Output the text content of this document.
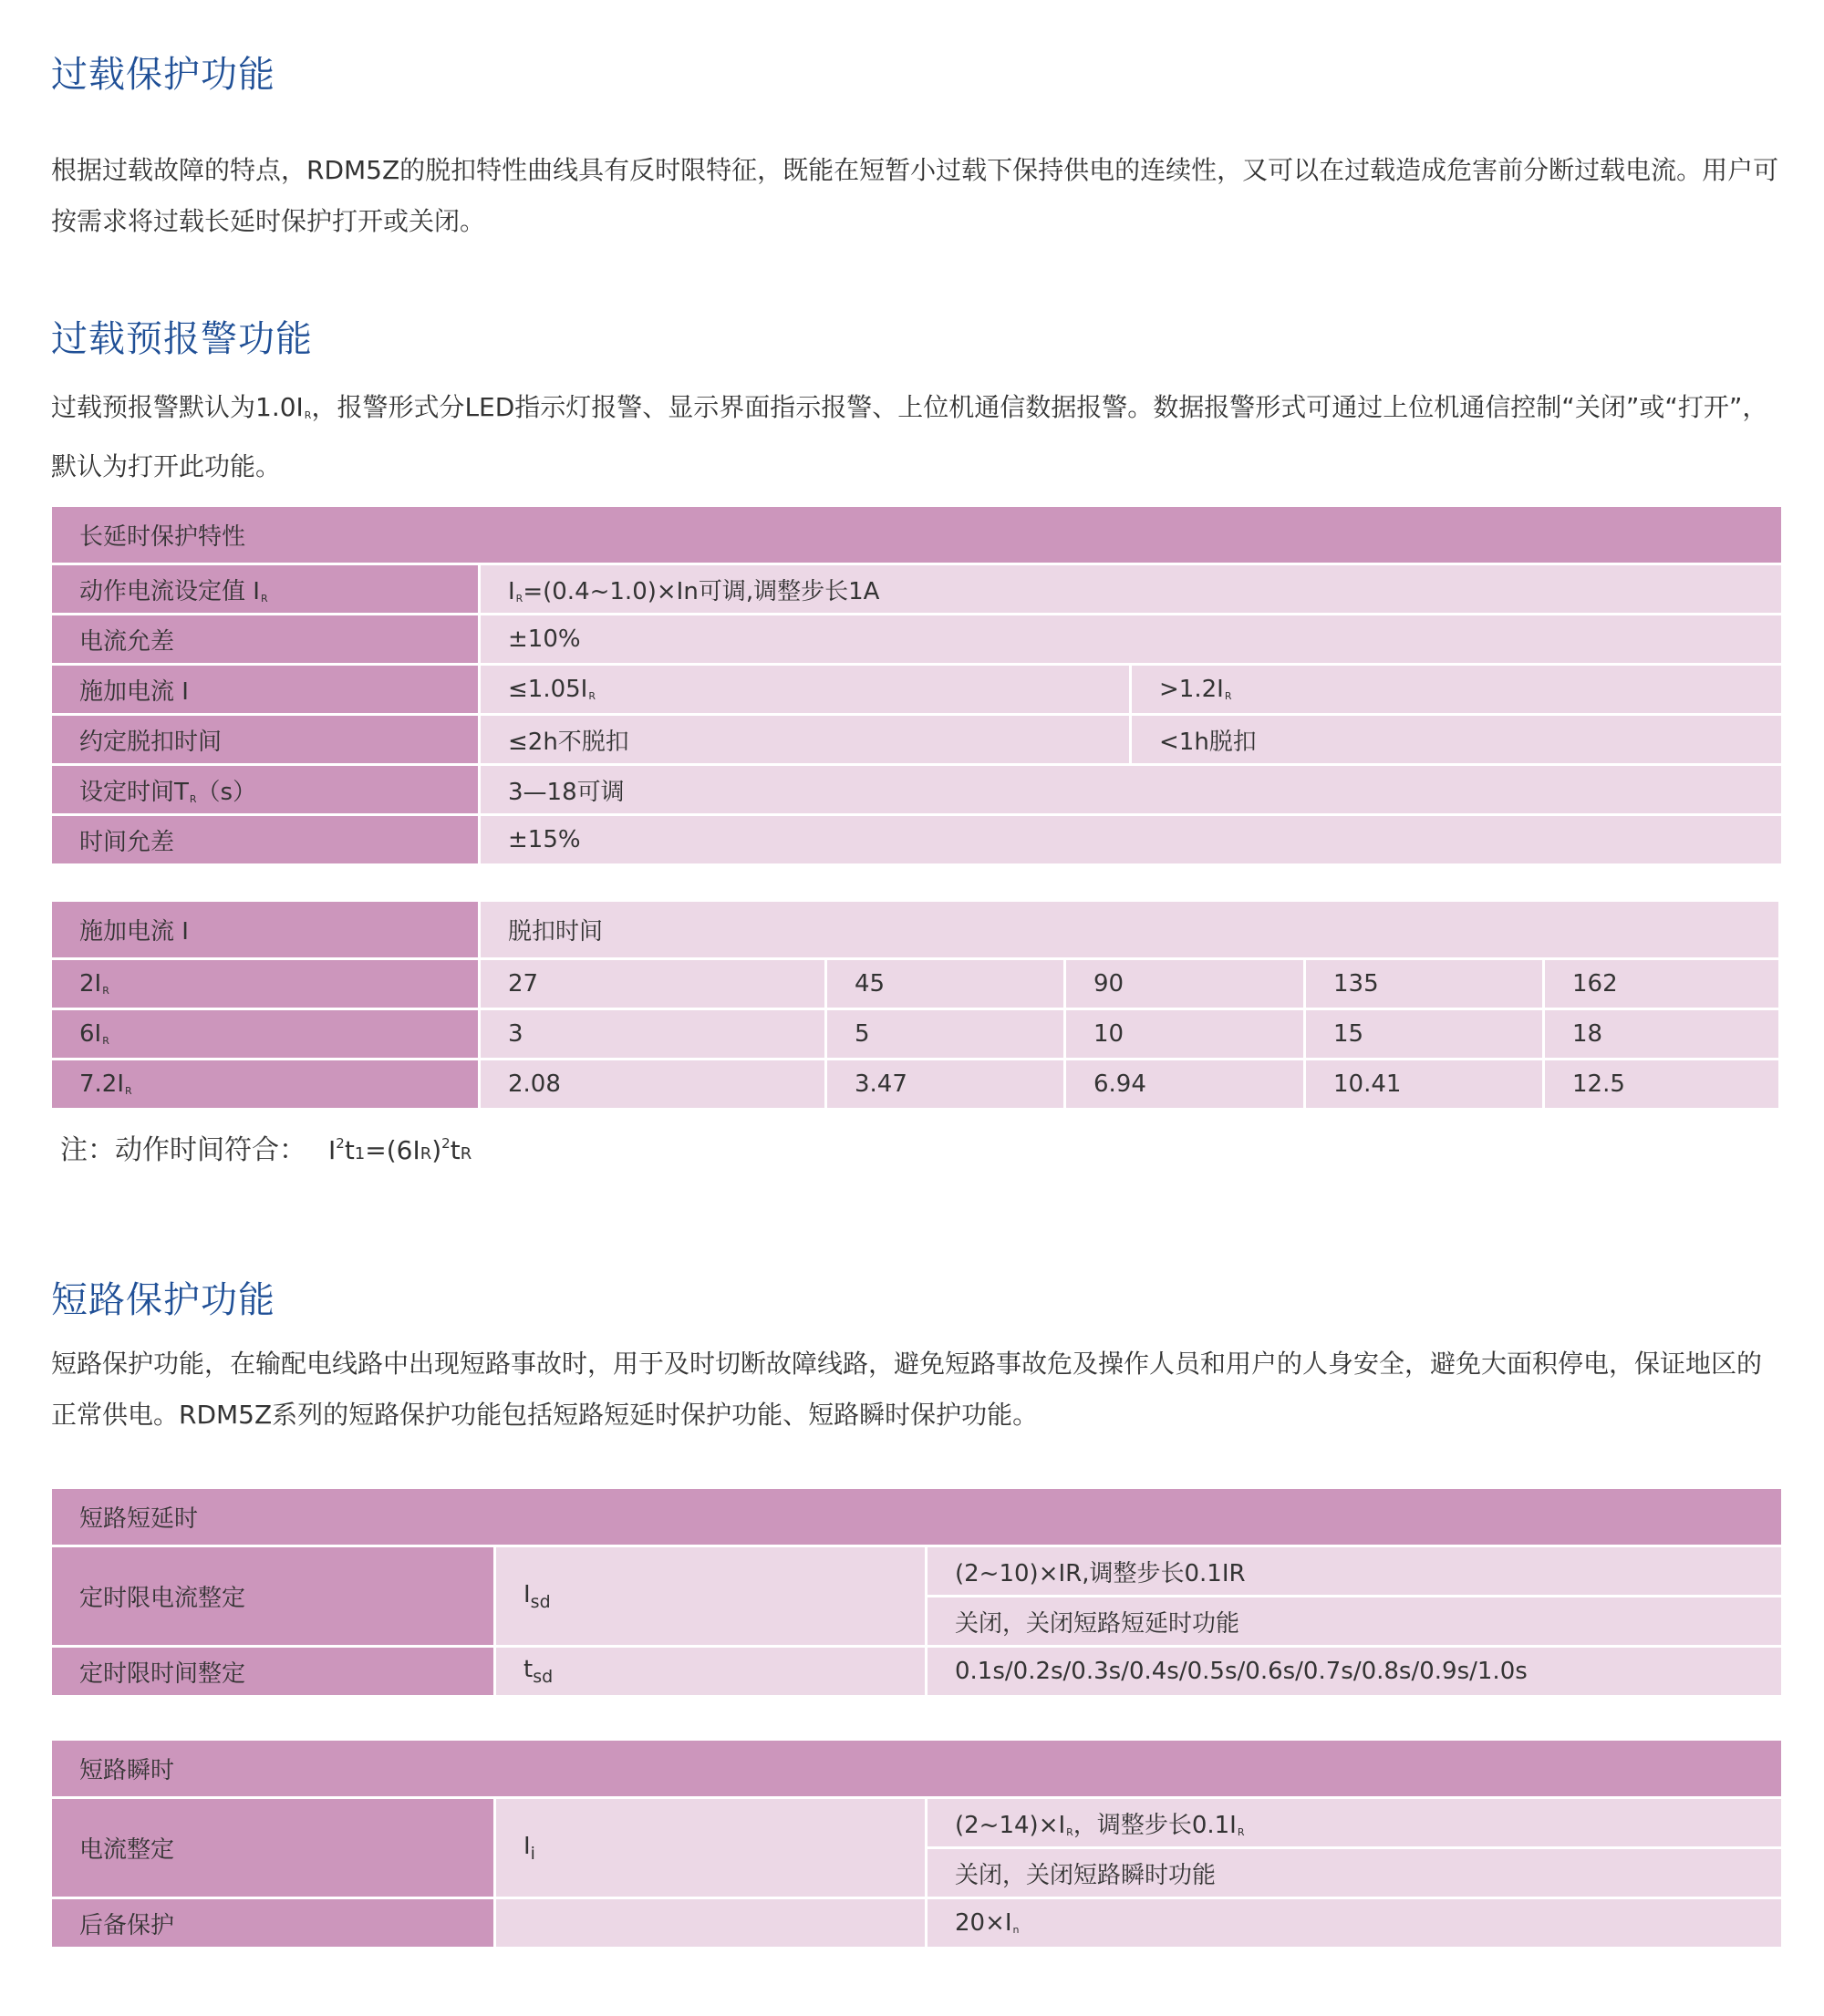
过载保护功能

根据过载故障的特点，RDM5Z的脱扣特性曲线具有反时限特征，既能在短暂小过载下保持供电的连续性，又可以在过载造成危害前分断过载电流。用户可按需求将过载长延时保护打开或关闭。

过载预报警功能

过载预报警默认为$1.0I_R$，报警形式分LED指示灯报警、显示界面指示报警、上位机通信数据报警。数据报警形式可通过上位机通信控制“关闭”或“打开”，默认为打开此功能。

长延时保护特性		
动作电流设定值 $I_R$	$I_R=(0.4\sim 1.0)\times In$可调,调整步长1A	
电流允差	±10%	
施加电流 I	$\le 1.05I_R$	$>1.2I_R$
约定脱扣时间	≤2h不脱扣	<1h脱扣
设定时间$T_R(s)$	3—18可调	
时间允差	±15%	
施加电流 I	脱扣时间				
$2I_R$	27	45	90	135	162
$6I_R$	3	5	10	15	18
$7.2I_R$	2.08	3.47	6.94	10.41	12.5

注：动作时间符合： $I^2t1=(6IR)^2tR$

短路保护功能

短路保护功能，在输配电线路中出现短路事故时，用于及时切断故障线路，避免短路事故危及操作人员和用户的人身安全，避免大面积停电，保证地区的正常供电。RDM5Z系列的短路保护功能包括短路短延时保护功能、短路瞬时保护功能。

短路短延时		
定时限电流整定	$I_{sd}$	(2~10)×IR,调整步长0.1IR
		关闭，关闭短路短延时功能
定时限时间整定	$t_{sd}$	0.1s/0.2s/0.3s/0.4s/0.5s/0.6s/0.7s/0.8s/0.9s/1.0s
短路瞬时		
电流整定	$I_i$	$(2\sim 14)\times I_R$，调整步长$0.1I_R$
		关闭，关闭短路瞬时功能
后备保护		$20\times I_n$
